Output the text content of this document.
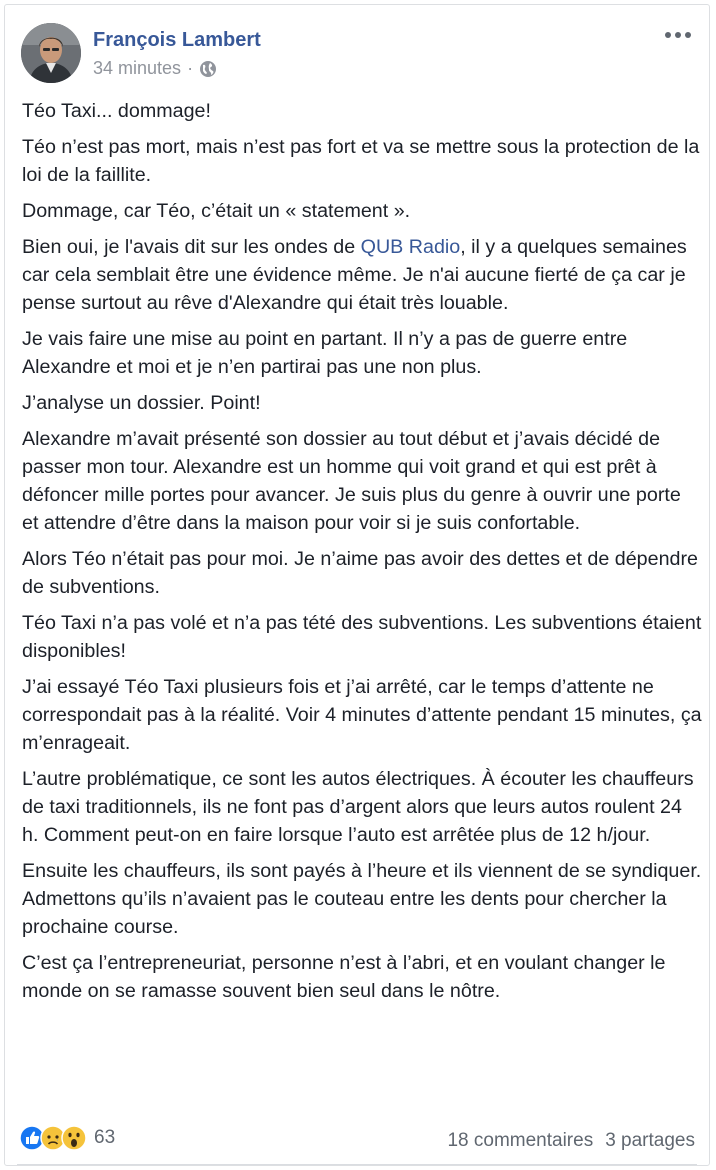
François Lambert
34 minutes ·

Téo Taxi... dommage!

Téo n’est pas mort, mais n’est pas fort et va se mettre sous la protection de la loi de la faillite.

Dommage, car Téo, c’était un « statement ».

Bien oui, je l'avais dit sur les ondes de QUB Radio, il y a quelques semaines car cela semblait être une évidence même. Je n'ai aucune fierté de ça car je pense surtout au rêve d'Alexandre qui était très louable.

Je vais faire une mise au point en partant. Il n’y a pas de guerre entre Alexandre et moi et je n’en partirai pas une non plus.

J’analyse un dossier. Point!

Alexandre m’avait présenté son dossier au tout début et j’avais décidé de passer mon tour. Alexandre est un homme qui voit grand et qui est prêt à défoncer mille portes pour avancer. Je suis plus du genre à ouvrir une porte et attendre d’être dans la maison pour voir si je suis confortable.

Alors Téo n’était pas pour moi. Je n’aime pas avoir des dettes et de dépendre de subventions.

Téo Taxi n’a pas volé et n’a pas tété des subventions. Les subventions étaient disponibles!

J’ai essayé Téo Taxi plusieurs fois et j’ai arrêté, car le temps d’attente ne correspondait pas à la réalité. Voir 4 minutes d’attente pendant 15 minutes, ça m’enrageait.

L’autre problématique, ce sont les autos électriques. À écouter les chauffeurs de taxi traditionnels, ils ne font pas d’argent alors que leurs autos roulent 24 h. Comment peut-on en faire lorsque l’auto est arrêtée plus de 12 h/jour.

Ensuite les chauffeurs, ils sont payés à l’heure et ils viennent de se syndiquer. Admettons qu’ils n’avaient pas le couteau entre les dents pour chercher la prochaine course.

C’est ça l’entrepreneuriat, personne n’est à l’abri, et en voulant changer le monde on se ramasse souvent bien seul dans le nôtre.

63	18 commentaires 3 partages
